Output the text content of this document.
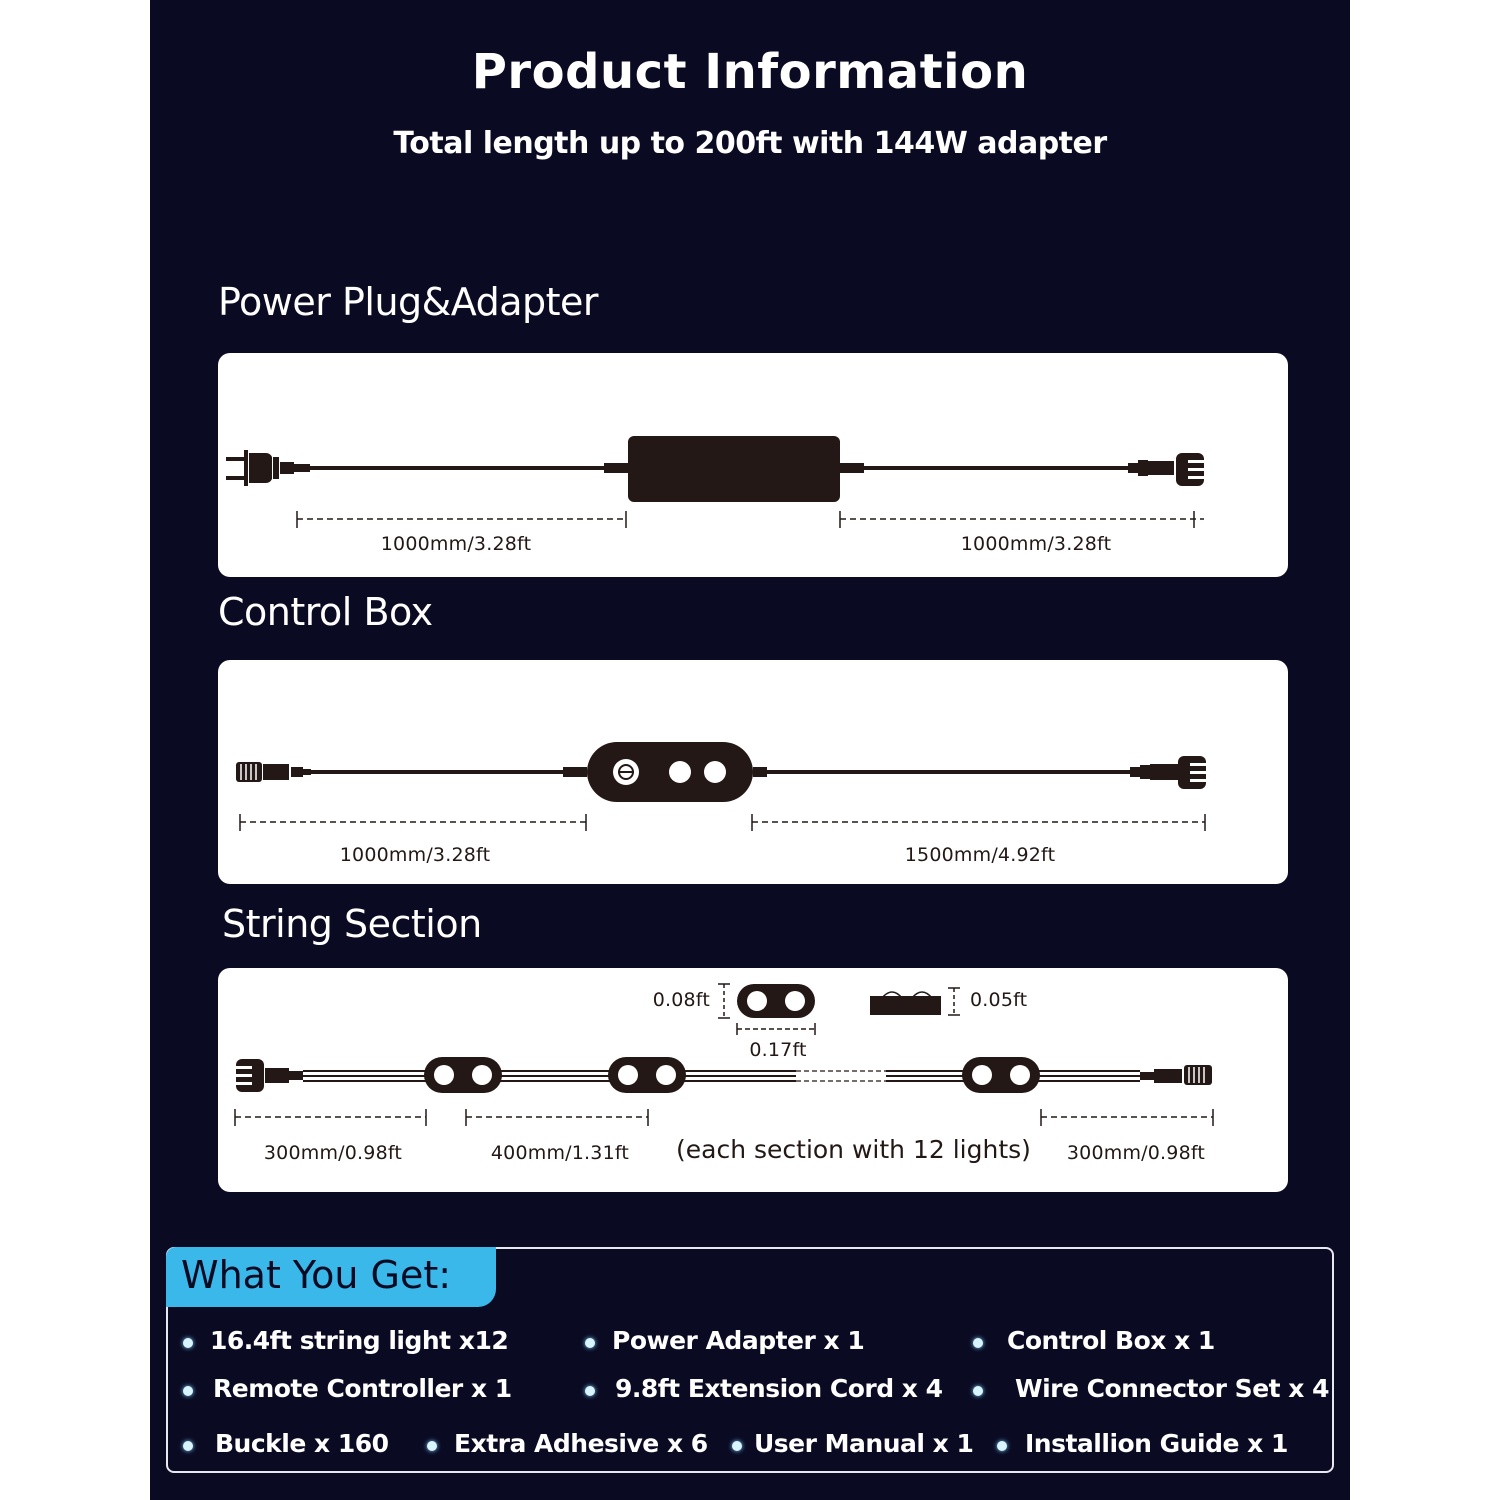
Product Information
Total length up to 200ft with 144W adapter
Power Plug&Adapter
1000mm/3.28ft	1000mm/3.28ft
Control Box
1000mm/3.28ft	1500mm/4.92ft
String Section
0.08ft
0.17ft
0.05ft
300mm/0.98ft	400mm/1.31ft	(each section with 12 lights)	300mm/0.98ft
What You Get:
16.4ft string light x12	Power Adapter x 1	Control Box x 1
Remote Controller x 1	9.8ft Extension Cord x 4	Wire Connector Set x 4
Buckle x 160	Extra Adhesive x 6 User Manual x 1 Installion Guide x 1
